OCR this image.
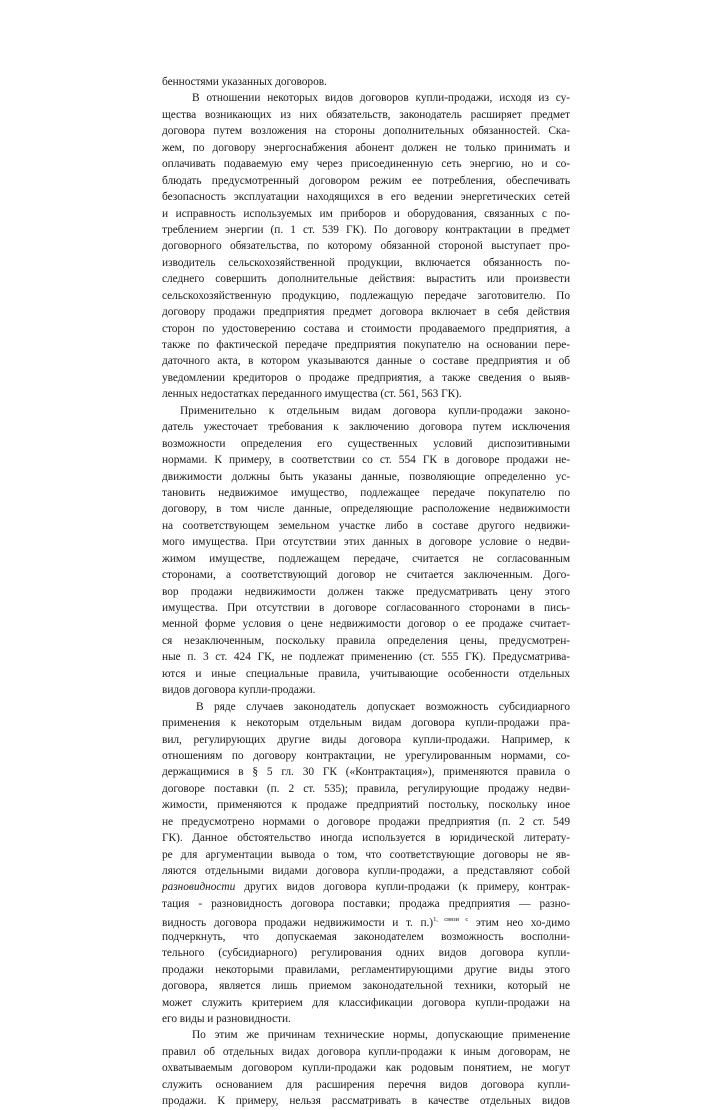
бенностями указанных договоров.
В отношении некоторых видов договоров купли-продажи, исходя из су-
щества возникающих из них обязательств, законодатель расширяет предмет
договора путем возложения на стороны дополнительных обязанностей. Ска-
жем, по договору энергоснабжения абонент должен не только принимать и
оплачивать подаваемую ему через присоединенную сеть энергию, но и со-
блюдать предусмотренный договором режим ее потребления, обеспечивать
безопасность эксплуатации находящихся в его ведении энергетических сетей
и исправность используемых им приборов и оборудования, связанных с по-
треблением энергии (п. 1 ст. 539 ГК). По договору контрактации в предмет
договорного обязательства, по которому обязанной стороной выступает про-
изводитель сельскохозяйственной продукции, включается обязанность по-
следнего совершить дополнительные действия: вырастить или произвести
сельскохозяйственную продукцию, подлежащую передаче заготовителю. По
договору продажи предприятия предмет договора включает в себя действия
сторон по удостоверению состава и стоимости продаваемого предприятия, а
также по фактической передаче предприятия покупателю на основании пере-
даточного акта, в котором указываются данные о составе предприятия и об
уведомлении кредиторов о продаже предприятия, а также сведения о выяв-
ленных недостатках переданного имущества (ст. 561, 563 ГК).
Применительно к отдельным видам договора купли-продажи законо-
датель ужесточает требования к заключению договора путем исключения
возможности определения его существенных условий диспозитивными
нормами. К примеру, в соответствии со ст. 554 ГК в договоре продажи не-
движимости должны быть указаны данные, позволяющие определенно ус-
тановить недвижимое имущество, подлежащее передаче покупателю по
договору, в том числе данные, определяющие расположение недвижимости
на соответствующем земельном участке либо в составе другого недвижи-
мого имущества. При отсутствии этих данных в договоре условие о недви-
жимом имуществе, подлежащем передаче, считается не согласованным
сторонами, а соответствующий договор не считается заключенным. Дого-
вор продажи недвижимости должен также предусматривать цену этого
имущества. При отсутствии в договоре согласованного сторонами в пись-
менной форме условия о цене недвижимости договор о ее продаже считает-
ся незаключенным, поскольку правила определения цены, предусмотрен-
ные п. 3 ст. 424 ГК, не подлежат применению (ст. 555 ГК). Предусматрива-
ются и иные специальные правила, учитывающие особенности отдельных
видов договора купли-продажи.
В ряде случаев законодатель допускает возможность субсидиарного
применения к некоторым отдельным видам договора купли-продажи пра-
вил, регулирующих другие виды договора купли-продажи. Например, к
отношениям по договору контрактации, не урегулированным нормами, со-
держащимися в § 5 гл. 30 ГК («Контрактация»), применяются правила о
договоре поставки (п. 2 ст. 535); правила, регулирующие продажу недви-
жимости, применяются к продаже предприятий постольку, поскольку иное
не предусмотрено нормами о договоре продажи предприятия (п. 2 ст. 549
ГК). Данное обстоятельство иногда используется в юридической литерату-
ре для аргументации вывода о том, что соответствующие договоры не яв-
ляются отдельными видами договора купли-продажи, а представляют собой
разновидности других видов договора купли-продажи (к примеру, контрак-
тация - разновидность договора поставки; продажа предприятия — разно-
видность договора продажи недвижимости и т. п.)$^{1, связи с}$ этим нео хо-димо
подчеркнуть, что допускаемая законодателем возможность восполни-
тельного (субсидиарного) регулирования одних видов договора купли-
продажи некоторыми правилами, регламентирующими другие виды этого
договора, является лишь приемом законодательной техники, который не
может служить критерием для классификации договора купли-продажи на
его виды и разновидности.
По этим же причинам технические нормы, допускающие применение
правил об отдельных видах договора купли-продажи к иным договорам, не
охватываемым договором купли-продажи как родовым понятием, не могут
служить основанием для расширения перечня видов договора купли-
продажи. К примеру, нельзя рассматривать в качестве отдельных видов
